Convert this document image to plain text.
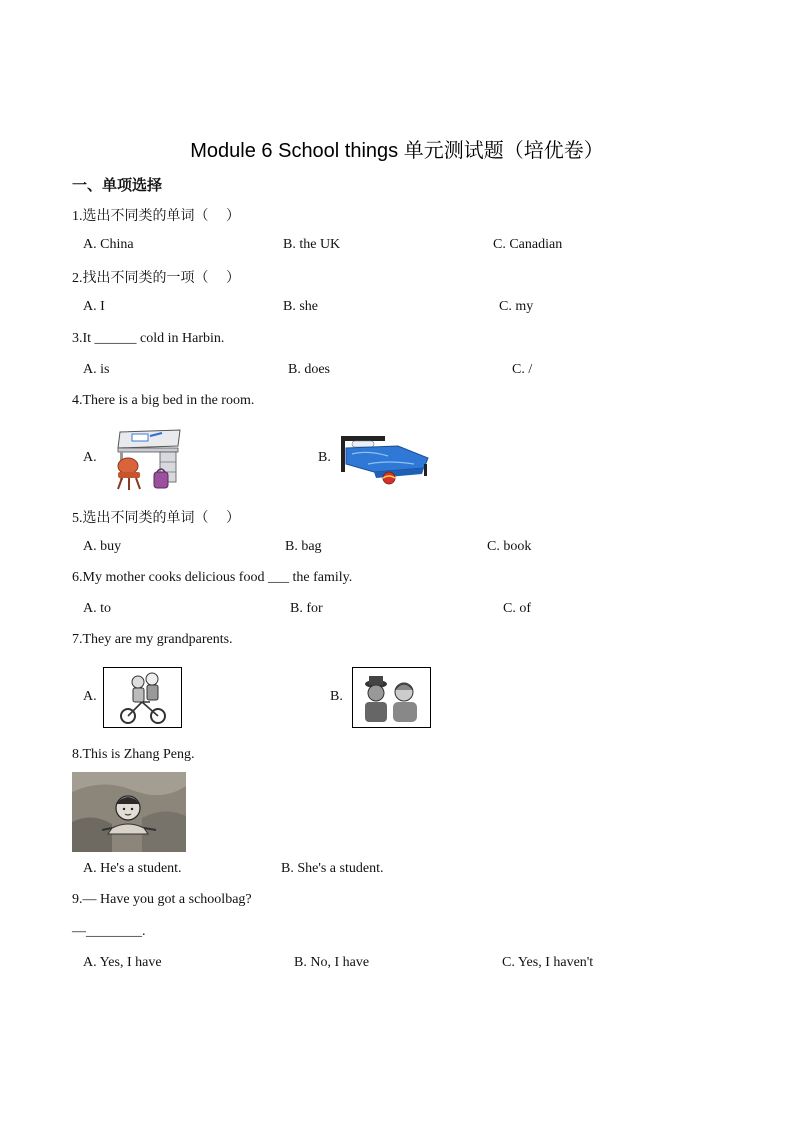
Module 6 School things 单元测试题（培优卷）
一、单项选择
1.选出不同类的单词（　 ）
A. China	B. the UK	C. Canadian
2.找出不同类的一项（　 ）
A. I	B. she	C. my
3.It ______ cold in Harbin.
A. is	B. does	C. /
4.There is a big bed in the room.
A.	B.
5.选出不同类的单词（　 ）
A. buy	B. bag	C. book
6.My mother cooks delicious food ___ the family.
A. to	B. for	C. of
7.They are my grandparents.
A.	B.
8.This is Zhang Peng.
A. He's a student.	B. She's a student.
9.— Have you got a schoolbag?
—________.
A. Yes, I have	B. No, I have	C. Yes, I haven't
